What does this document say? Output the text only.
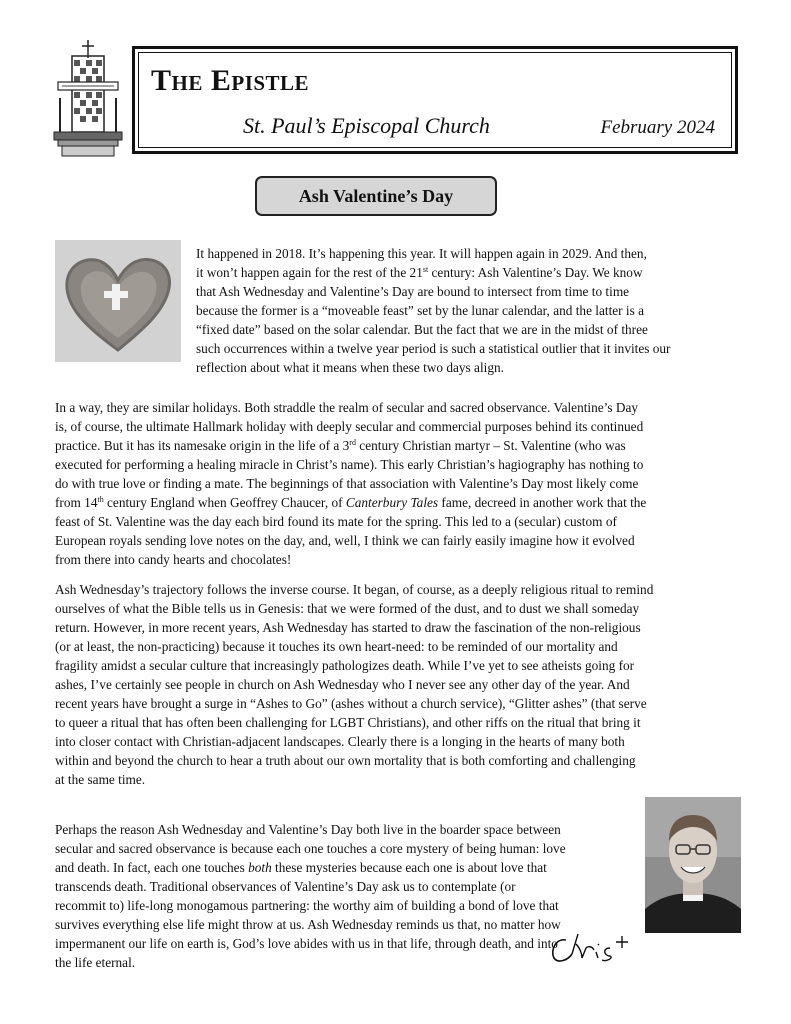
The Epistle
St. Paul’s Episcopal Church	February 2024
Ash Valentine’s Day

It happened in 2018. It’s happening this year. It will happen again in 2029. And then,
it won’t happen again for the rest of the 21st century: Ash Valentine’s Day. We know
that Ash Wednesday and Valentine’s Day are bound to intersect from time to time
because the former is a “moveable feast” set by the lunar calendar, and the latter is a
“fixed date” based on the solar calendar. But the fact that we are in the midst of three
such occurrences within a twelve year period is such a statistical outlier that it invites our
reflection about what it means when these two days align.

In a way, they are similar holidays. Both straddle the realm of secular and sacred observance. Valentine’s Day
is, of course, the ultimate Hallmark holiday with deeply secular and commercial purposes behind its continued
practice. But it has its namesake origin in the life of a 3rd century Christian martyr – St. Valentine (who was
executed for performing a healing miracle in Christ’s name). This early Christian’s hagiography has nothing to
do with true love or finding a mate. The beginnings of that association with Valentine’s Day most likely come
from 14th century England when Geoffrey Chaucer, of Canterbury Tales fame, decreed in another work that the
feast of St. Valentine was the day each bird found its mate for the spring. This led to a (secular) custom of
European royals sending love notes on the day, and, well, I think we can fairly easily imagine how it evolved
from there into candy hearts and chocolates!

Ash Wednesday’s trajectory follows the inverse course. It began, of course, as a deeply religious ritual to remind
ourselves of what the Bible tells us in Genesis: that we were formed of the dust, and to dust we shall someday
return. However, in more recent years, Ash Wednesday has started to draw the fascination of the non-religious
(or at least, the non-practicing) because it touches its own heart-need: to be reminded of our mortality and
fragility amidst a secular culture that increasingly pathologizes death. While I’ve yet to see atheists going for
ashes, I’ve certainly see people in church on Ash Wednesday who I never see any other day of the year. And
recent years have brought a surge in “Ashes to Go” (ashes without a church service), “Glitter ashes” (that serve
to queer a ritual that has often been challenging for LGBT Christians), and other riffs on the ritual that bring it
into closer contact with Christian-adjacent landscapes. Clearly there is a longing in the hearts of many both
within and beyond the church to hear a truth about our own mortality that is both comforting and challenging
at the same time.

Perhaps the reason Ash Wednesday and Valentine’s Day both live in the boarder space between
secular and sacred observance is because each one touches a core mystery of being human: love
and death. In fact, each one touches both these mysteries because each one is about love that
transcends death. Traditional observances of Valentine’s Day ask us to contemplate (or
recommit to) life-long monogamous partnering: the worthy aim of building a bond of love that
survives everything else life might throw at us. Ash Wednesday reminds us that, no matter how
impermanent our life on earth is, God’s love abides with us in that life, through death, and into
the life eternal.
